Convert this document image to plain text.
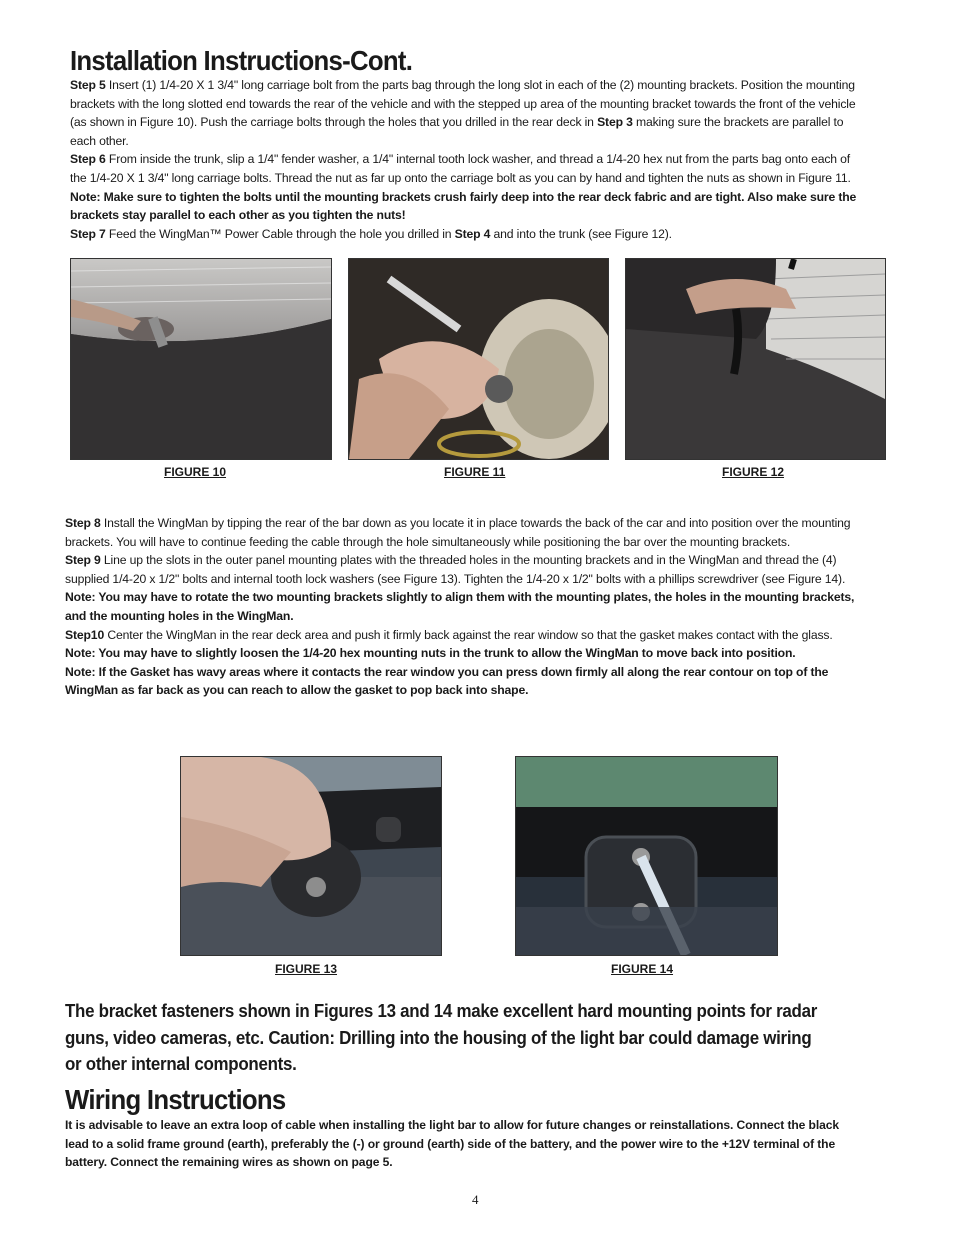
Installation Instructions-Cont.
Step 5 Insert (1) 1/4-20 X 1 3/4" long carriage bolt from the parts bag through the long slot in each of the (2) mounting brackets. Position the mounting brackets with the long slotted end towards the rear of the vehicle and with the stepped up area of the mounting bracket towards the front of the vehicle (as shown in Figure 10). Push the carriage bolts through the holes that you drilled in the rear deck in Step 3 making sure the brackets are parallel to each other.
Step 6 From inside the trunk, slip a 1/4" fender washer, a 1/4" internal tooth lock washer, and thread a 1/4-20 hex nut from the parts bag onto each of the 1/4-20 X 1 3/4" long carriage bolts. Thread the nut as far up onto the carriage bolt as you can by hand and tighten the nuts as shown in Figure 11. Note: Make sure to tighten the bolts until the mounting brackets crush fairly deep into the rear deck fabric and are tight. Also make sure the brackets stay parallel to each other as you tighten the nuts!
Step 7 Feed the WingMan™ Power Cable through the hole you drilled in Step 4 and into the trunk (see Figure 12).
FIGURE 10	FIGURE 11	FIGURE 12
Step 8 Install the WingMan by tipping the rear of the bar down as you locate it in place towards the back of the car and into position over the mounting brackets. You will have to continue feeding the cable through the hole simultaneously while positioning the bar over the mounting brackets.
Step 9 Line up the slots in the outer panel mounting plates with the threaded holes in the mounting brackets and in the WingMan and thread the (4) supplied 1/4-20 x 1/2" bolts and internal tooth lock washers (see Figure 13). Tighten the 1/4-20 x 1/2" bolts with a phillips screwdriver (see Figure 14). Note: You may have to rotate the two mounting brackets slightly to align them with the mounting plates, the holes in the mounting brackets, and the mounting holes in the WingMan.
Step10 Center the WingMan in the rear deck area and push it firmly back against the rear window so that the gasket makes contact with the glass. Note: You may have to slightly loosen the 1/4-20 hex mounting nuts in the trunk to allow the WingMan to move back into position.
Note: If the Gasket has wavy areas where it contacts the rear window you can press down firmly all along the rear contour on top of the WingMan as far back as you can reach to allow the gasket to pop back into shape.
FIGURE 13	FIGURE 14
The bracket fasteners shown in Figures 13 and 14 make excellent hard mounting points for radar guns, video cameras, etc. Caution: Drilling into the housing of the light bar could damage wiring or other internal components.
Wiring Instructions
It is advisable to leave an extra loop of cable when installing the light bar to allow for future changes or reinstallations. Connect the black lead to a solid frame ground (earth), preferably the (-) or ground (earth) side of the battery, and the power wire to the +12V terminal of the battery. Connect the remaining wires as shown on page 5.
4
